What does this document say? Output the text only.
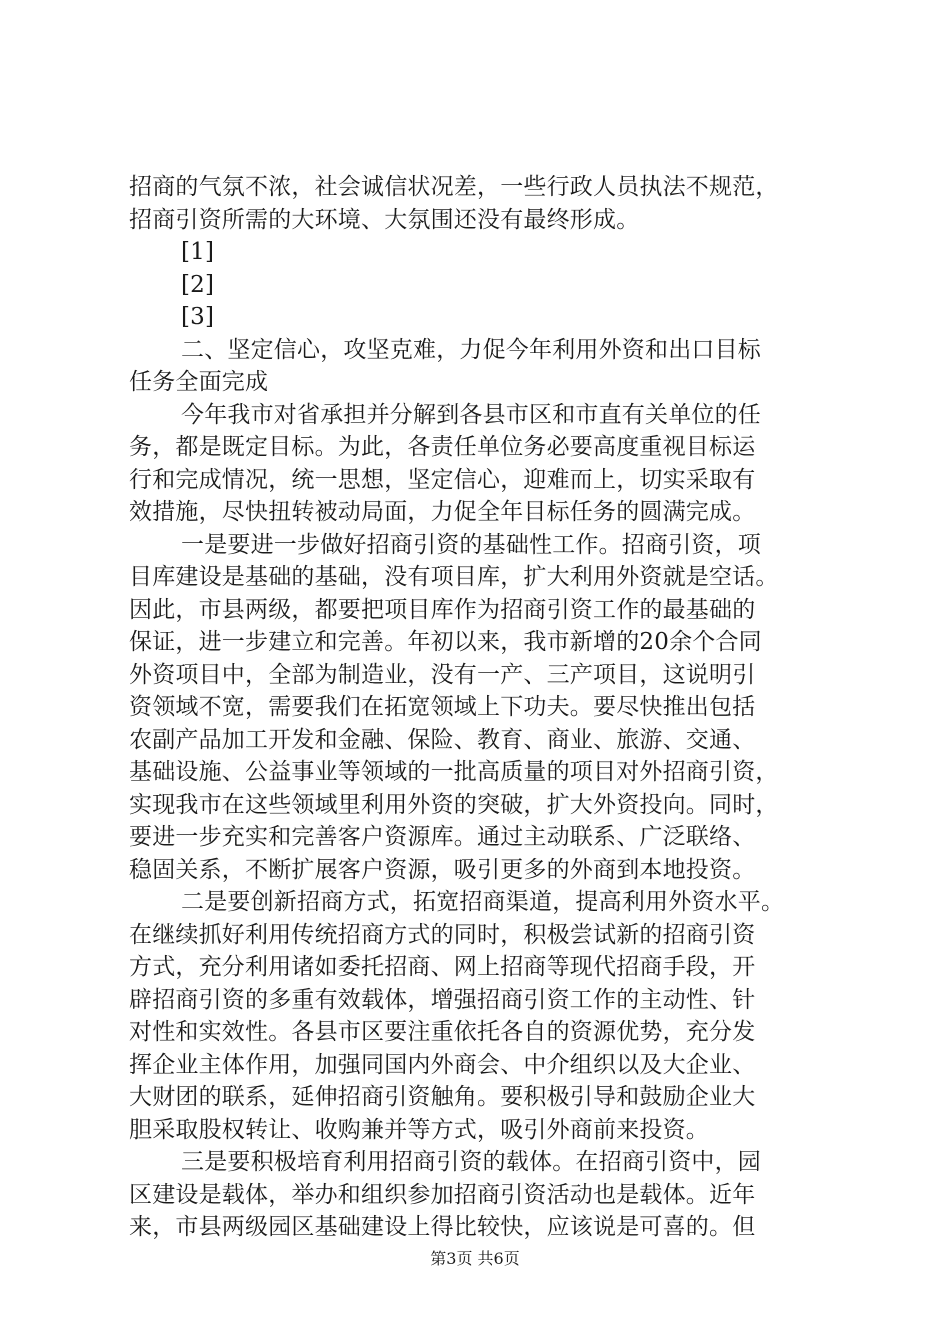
招商的气氛不浓，社会诚信状况差，一些行政人员执法不规范，
招商引资所需的大环境、大氛围还没有最终形成。
[1]
[2]
[3]
二、坚定信心，攻坚克难，力促今年利用外资和出口目标
任务全面完成
今年我市对省承担并分解到各县市区和市直有关单位的任
务，都是既定目标。为此，各责任单位务必要高度重视目标运
行和完成情况，统一思想，坚定信心，迎难而上，切实采取有
效措施，尽快扭转被动局面，力促全年目标任务的圆满完成。
一是要进一步做好招商引资的基础性工作。招商引资，项
目库建设是基础的基础，没有项目库，扩大利用外资就是空话。
因此，市县两级，都要把项目库作为招商引资工作的最基础的
保证，进一步建立和完善。年初以来，我市新增的20余个合同
外资项目中，全部为制造业，没有一产、三产项目，这说明引
资领域不宽，需要我们在拓宽领域上下功夫。要尽快推出包括
农副产品加工开发和金融、保险、教育、商业、旅游、交通、
基础设施、公益事业等领域的一批高质量的项目对外招商引资，
实现我市在这些领域里利用外资的突破，扩大外资投向。同时，
要进一步充实和完善客户资源库。通过主动联系、广泛联络、
稳固关系，不断扩展客户资源，吸引更多的外商到本地投资。
二是要创新招商方式，拓宽招商渠道，提高利用外资水平。
在继续抓好利用传统招商方式的同时，积极尝试新的招商引资
方式，充分利用诸如委托招商、网上招商等现代招商手段，开
辟招商引资的多重有效载体，增强招商引资工作的主动性、针
对性和实效性。各县市区要注重依托各自的资源优势，充分发
挥企业主体作用，加强同国内外商会、中介组织以及大企业、
大财团的联系，延伸招商引资触角。要积极引导和鼓励企业大
胆采取股权转让、收购兼并等方式，吸引外商前来投资。
三是要积极培育利用招商引资的载体。在招商引资中，园
区建设是载体，举办和组织参加招商引资活动也是载体。近年
来，市县两级园区基础建设上得比较快，应该说是可喜的。但
第3页 共6页
